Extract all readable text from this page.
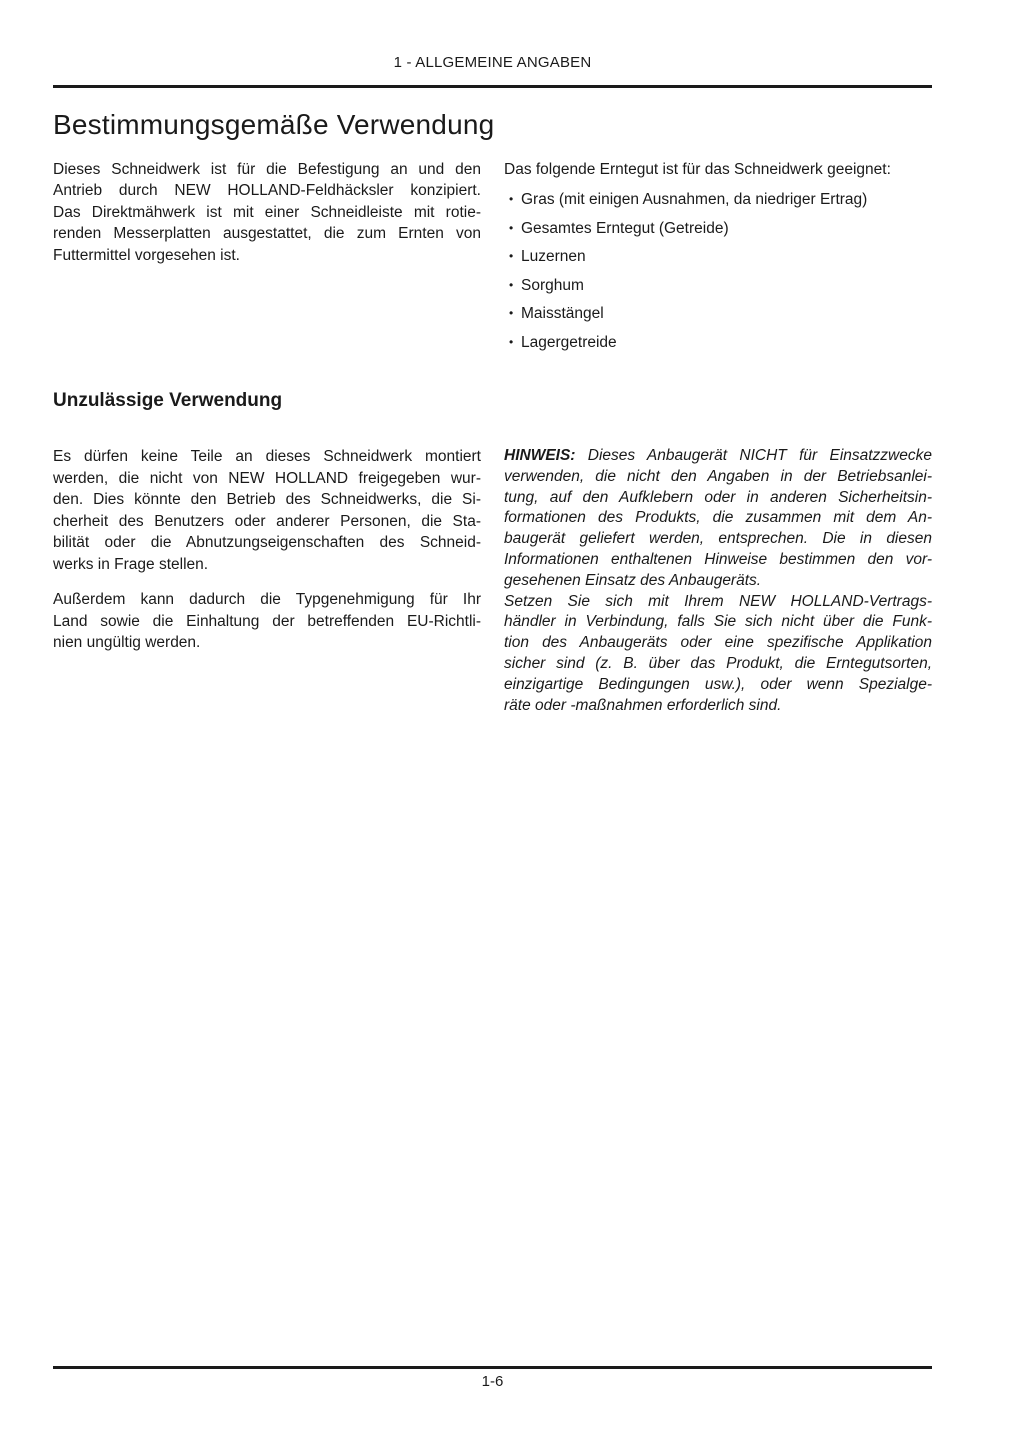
1 - ALLGEMEINE ANGABEN
Bestimmungsgemäße Verwendung
Dieses Schneidwerk ist für die Befestigung an und den
Antrieb durch NEW HOLLAND-Feldhäcksler konzipiert.
Das Direktmähwerk ist mit einer Schneidleiste mit rotie-
renden Messerplatten ausgestattet, die zum Ernten von
Futtermittel vorgesehen ist.
Das folgende Erntegut ist für das Schneidwerk geeignet:
• Gras (mit einigen Ausnahmen, da niedriger Ertrag)
• Gesamtes Erntegut (Getreide)
• Luzernen
• Sorghum
• Maisstängel
• Lagergetreide
Unzulässige Verwendung
Es dürfen keine Teile an dieses Schneidwerk montiert
werden, die nicht von NEW HOLLAND freigegeben wur-
den. Dies könnte den Betrieb des Schneidwerks, die Si-
cherheit des Benutzers oder anderer Personen, die Sta-
bilität oder die Abnutzungseigenschaften des Schneid-
werks in Frage stellen.
Außerdem kann dadurch die Typgenehmigung für Ihr
Land sowie die Einhaltung der betreffenden EU-Richtli-
nien ungültig werden.
HINWEIS: Dieses Anbaugerät NICHT für Einsatzzwecke
verwenden, die nicht den Angaben in der Betriebsanlei-
tung, auf den Aufklebern oder in anderen Sicherheitsin-
formationen des Produkts, die zusammen mit dem An-
baugerät geliefert werden, entsprechen. Die in diesen
Informationen enthaltenen Hinweise bestimmen den vor-
gesehenen Einsatz des Anbaugeräts.
Setzen Sie sich mit Ihrem NEW HOLLAND-Vertrags-
händler in Verbindung, falls Sie sich nicht über die Funk-
tion des Anbaugeräts oder eine spezifische Applikation
sicher sind (z. B. über das Produkt, die Erntegutsorten,
einzigartige Bedingungen usw.), oder wenn Spezialge-
räte oder -maßnahmen erforderlich sind.
1-6
